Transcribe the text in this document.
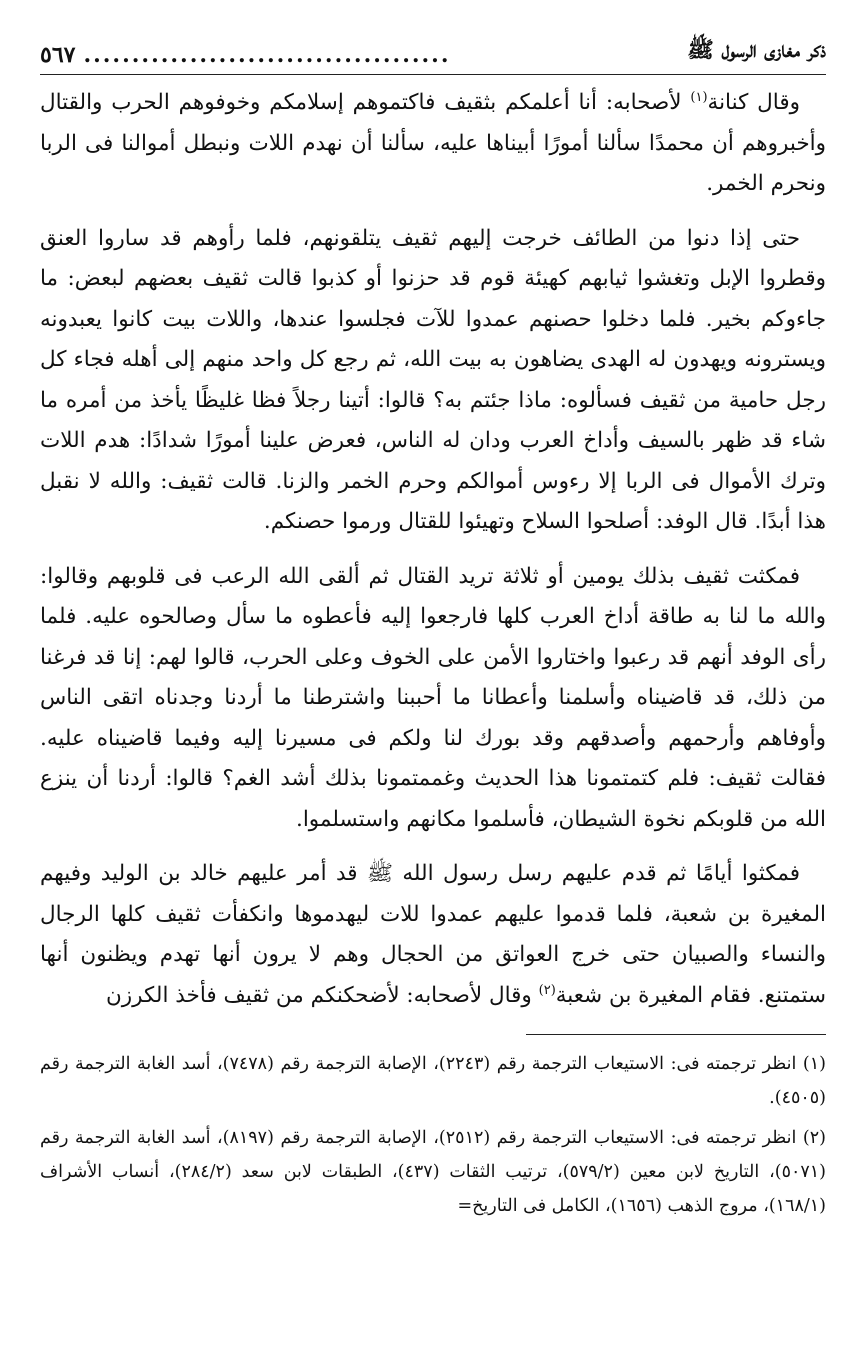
ذكر مغازى الرسول ﷺ
......................................
٥٦٧

وقال كنانة$^{(١)}$ لأصحابه: أنا أعلمكم بثقيف فاكتموهم إسلامكم وخوفوهم الحرب والقتال وأخبروهم أن محمدًا سألنا أمورًا أبيناها عليه، سألنا أن نهدم اللات ونبطل أموالنا فى الربا ونحرم الخمر.

حتى إذا دنوا من الطائف خرجت إليهم ثقيف يتلقونهم، فلما رأوهم قد ساروا العنق وقطروا الإبل وتغشوا ثيابهم كهيئة قوم قد حزنوا أو كذبوا قالت ثقيف بعضهم لبعض: ما جاءوكم بخير. فلما دخلوا حصنهم عمدوا للآت فجلسوا عندها، واللات بيت كانوا يعبدونه ويسترونه ويهدون له الهدى يضاهون به بيت الله، ثم رجع كل واحد منهم إلى أهله فجاء كل رجل حامية من ثقيف فسألوه: ماذا جئتم به؟ قالوا: أتينا رجلاً فظا غليظًا يأخذ من أمره ما شاء قد ظهر بالسيف وأداخ العرب ودان له الناس، فعرض علينا أمورًا شدادًا: هدم اللات وترك الأموال فى الربا إلا رءوس أموالكم وحرم الخمر والزنا. قالت ثقيف: والله لا نقبل هذا أبدًا. قال الوفد: أصلحوا السلاح وتهيئوا للقتال ورموا حصنكم.

فمكثت ثقيف بذلك يومين أو ثلاثة تريد القتال ثم ألقى الله الرعب فى قلوبهم وقالوا: والله ما لنا به طاقة أداخ العرب كلها فارجعوا إليه فأعطوه ما سأل وصالحوه عليه. فلما رأى الوفد أنهم قد رعبوا واختاروا الأمن على الخوف وعلى الحرب، قالوا لهم: إنا قد فرغنا من ذلك، قد قاضيناه وأسلمنا وأعطانا ما أحببنا واشترطنا ما أردنا وجدناه اتقى الناس وأوفاهم وأرحمهم وأصدقهم وقد بورك لنا ولكم فى مسيرنا إليه وفيما قاضيناه عليه. فقالت ثقيف: فلم كتمتمونا هذا الحديث وغممتمونا بذلك أشد الغم؟ قالوا: أردنا أن ينزع الله من قلوبكم نخوة الشيطان، فأسلموا مكانهم واستسلموا.

فمكثوا أيامًا ثم قدم عليهم رسل رسول الله ﷺ قد أمر عليهم خالد بن الوليد وفيهم المغيرة بن شعبة، فلما قدموا عليهم عمدوا للات ليهدموها وانكفأت ثقيف كلها الرجال والنساء والصبيان حتى خرج العواتق من الحجال وهم لا يرون أنها تهدم ويظنون أنها ستمتنع. فقام المغيرة بن شعبة$^{(٢)}$ وقال لأصحابه: لأضحكنكم من ثقيف فأخذ الكرزن

(١) انظر ترجمته فى: الاستيعاب الترجمة رقم (٢٢٤٣)، الإصابة الترجمة رقم (٧٤٧٨)، أسد الغابة الترجمة رقم (٤٥٠٥).

(٢) انظر ترجمته فى: الاستيعاب الترجمة رقم (٢٥١٢)، الإصابة الترجمة رقم (٨١٩٧)، أسد الغابة الترجمة رقم (٥٠٧١)، التاريخ لابن معين (٥٧٩/٢)، ترتيب الثقات (٤٣٧)، الطبقات لابن سعد (٢٨٤/٢)، أنساب الأشراف (١٦٨/١)، مروج الذهب (١٦٥٦)، الكامل فى التاريخ=
